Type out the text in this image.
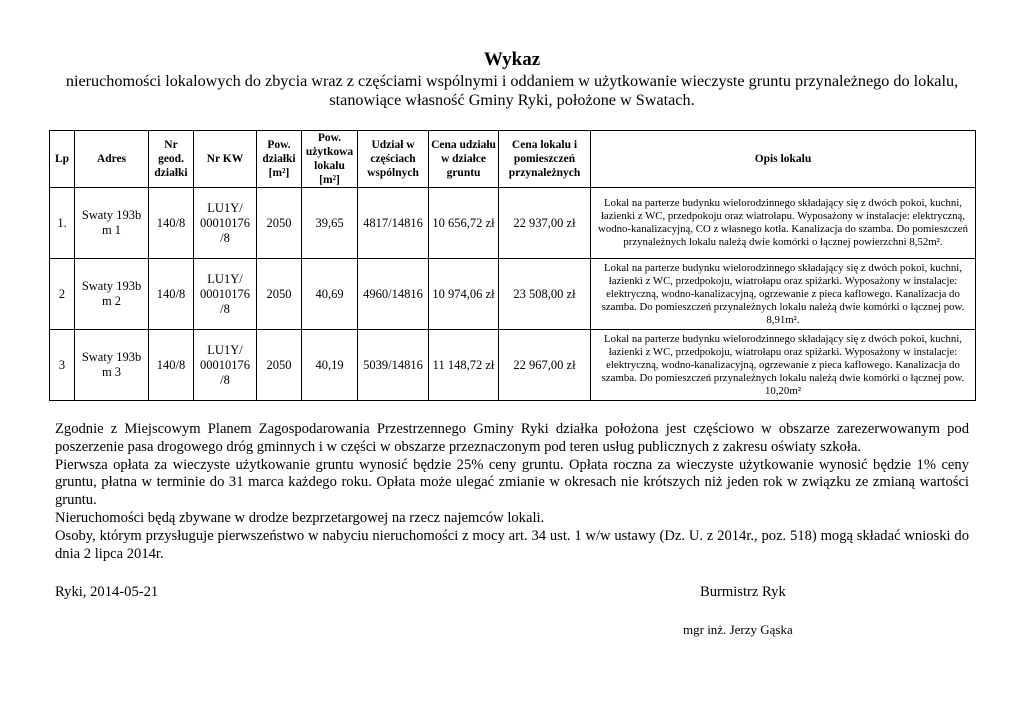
Wykaz
nieruchomości lokalowych do zbycia wraz z częściami wspólnymi i oddaniem w użytkowanie wieczyste gruntu przynależnego do lokalu, stanowiące własność Gminy Ryki, położone w Swatach.
Lp	Adres	Nr geod. działki	Nr KW	Pow. działki [m²]	Pow. użytkowa lokalu [m²]	Udział w częściach wspólnych	Cena udziału w działce gruntu	Cena lokalu i pomieszczeń przynależnych	Opis lokalu
1.	Swaty 193b m 1	140/8	LU1Y/ 00010176 /8	2050	39,65	4817/14816	10 656,72 zł	22 937,00 zł	Lokal na parterze budynku wielorodzinnego składający się z dwóch pokoi, kuchni, łazienki z WC, przedpokoju oraz wiatrołapu. Wyposażony w instalacje: elektryczną, wodno-kanalizacyjną, CO z własnego kotła. Kanalizacja do szamba. Do pomieszczeń przynależnych lokalu należą dwie komórki o łącznej powierzchni 8,52m².
2	Swaty 193b m 2	140/8	LU1Y/ 00010176 /8	2050	40,69	4960/14816	10 974,06 zł	23 508,00 zł	Lokal na parterze budynku wielorodzinnego składający się z dwóch pokoi, kuchni, łazienki z WC, przedpokoju, wiatrołapu oraz spiżarki. Wyposażony w instalacje: elektryczną, wodno-kanalizacyjną, ogrzewanie z pieca kaflowego. Kanalizacja do szamba. Do pomieszczeń przynależnych lokalu należą dwie komórki o łącznej pow. 8,91m².
3	Swaty 193b m 3	140/8	LU1Y/ 00010176 /8	2050	40,19	5039/14816	11 148,72 zł	22 967,00 zł	Lokal na parterze budynku wielorodzinnego składający się z dwóch pokoi, kuchni, łazienki z WC, przedpokoju, wiatrołapu oraz spiżarki. Wyposażony w instalacje: elektryczną, wodno-kanalizacyjną, ogrzewanie z pieca kaflowego. Kanalizacja do szamba. Do pomieszczeń przynależnych lokalu należą dwie komórki o łącznej pow. 10,20m²

Zgodnie z Miejscowym Planem Zagospodarowania Przestrzennego Gminy Ryki działka położona jest częściowo w obszarze zarezerwowanym pod poszerzenie pasa drogowego dróg gminnych i w części w obszarze przeznaczonym pod teren usług publicznych z zakresu oświaty szkoła.

Pierwsza opłata za wieczyste użytkowanie gruntu wynosić będzie 25% ceny gruntu. Opłata roczna za wieczyste użytkowanie wynosić będzie 1% ceny gruntu, płatna w terminie do 31 marca każdego roku. Opłata może ulegać zmianie w okresach nie krótszych niż jeden rok w związku ze zmianą wartości gruntu.

Nieruchomości będą zbywane w drodze bezprzetargowej na rzecz najemców lokali.

Osoby, którym przysługuje pierwszeństwo w nabyciu nieruchomości z mocy art. 34 ust. 1 w/w ustawy (Dz. U. z 2014r., poz. 518) mogą składać wnioski do dnia 2 lipca 2014r.

Ryki, 2014-05-21	Burmistrz Ryk
mgr inż. Jerzy Gąska
